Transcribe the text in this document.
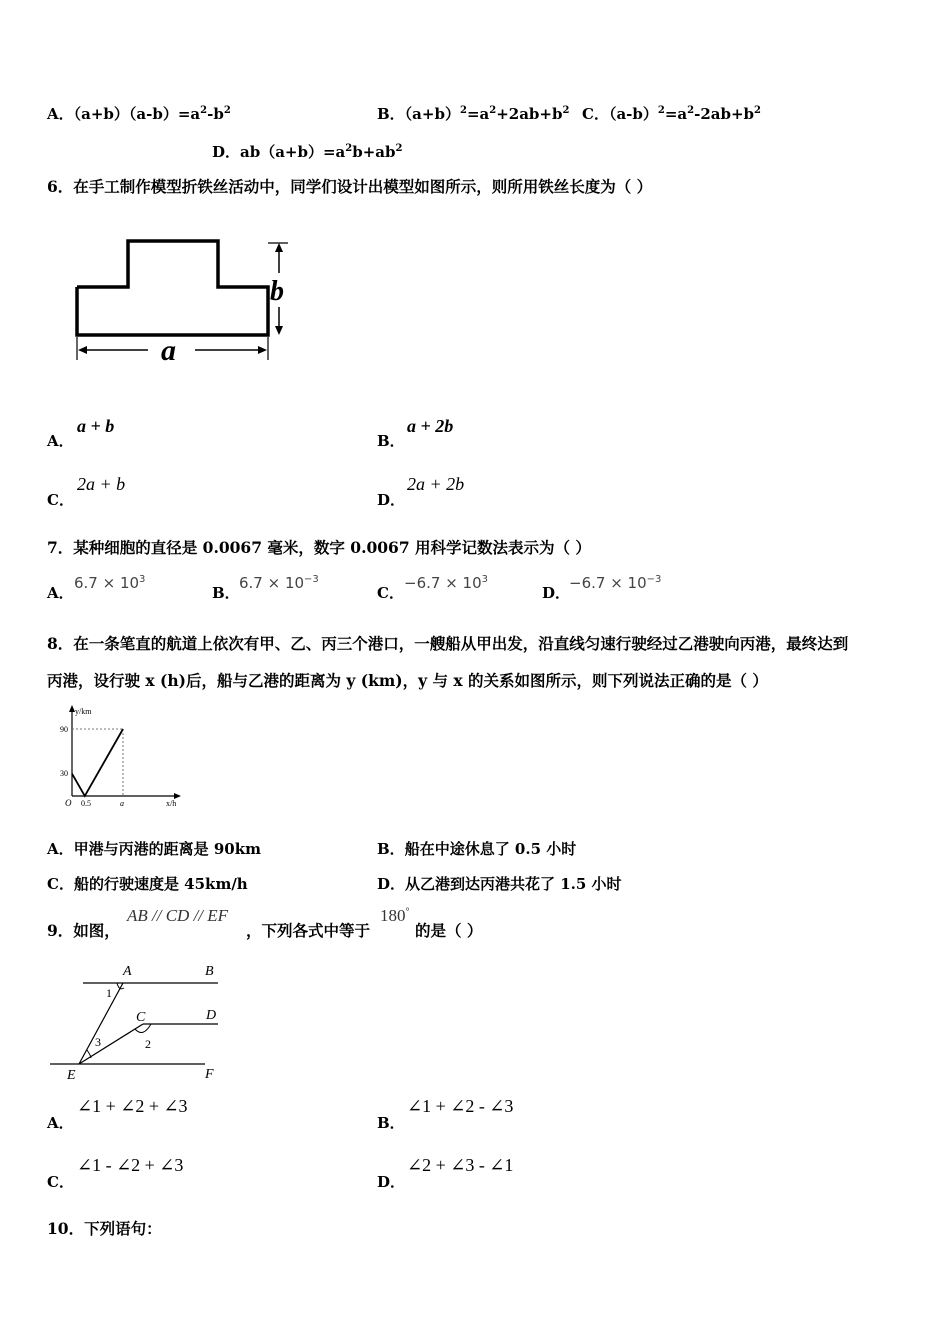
A．$(a+b)(a-b)=a^2-b^2$	B．$(a+b)^2=a^2+2ab+b^2$ C．$(a-b)^2=a^2-2ab+b^2$
D．$ab(a+b)=a^2b+ab^2$
6．在手工制作模型折铁丝活动中，同学们设计出模型如图所示，则所用铁丝长度为（ ）
b
a
A．
a + b
B．
a + 2b
C．
2a + b
D．
2a + 2b
7．某种细胞的直径是 0.0067 毫米，数字 0.0067 用科学记数法表示为（ ）
A．
$6.7 \times 10^3$
B．
$6.7 \times 10^{-3}$
C．
$-6.7 \times 10^3$
D．
$-6.7 \times 10^{-3}$
8．在一条笔直的航道上依次有甲、乙、丙三个港口，一艘船从甲出发，沿直线匀速行驶经过乙港驶向丙港，最终达到
丙港，设行驶 x (h)后，船与乙港的距离为 y (km)，y 与 x 的关系如图所示，则下列说法正确的是（ ）
y/km
x/h
90
30
O 0.5	a
A．甲港与丙港的距离是 90km	B．船在中途休息了 0.5 小时
C．船的行驶速度是 45km/h	D．从乙港到达丙港共花了 1.5 小时
9．如图，
AB // CD // EF
，下列各式中等于
180°
的是（ ）
A	B
C	D
E	F
1
2
3
A．
∠1 + ∠2 + ∠3
B．
∠1 + ∠2 - ∠3
C．
∠1 - ∠2 + ∠3
D．
∠2 + ∠3 - ∠1
10．下列语句：
